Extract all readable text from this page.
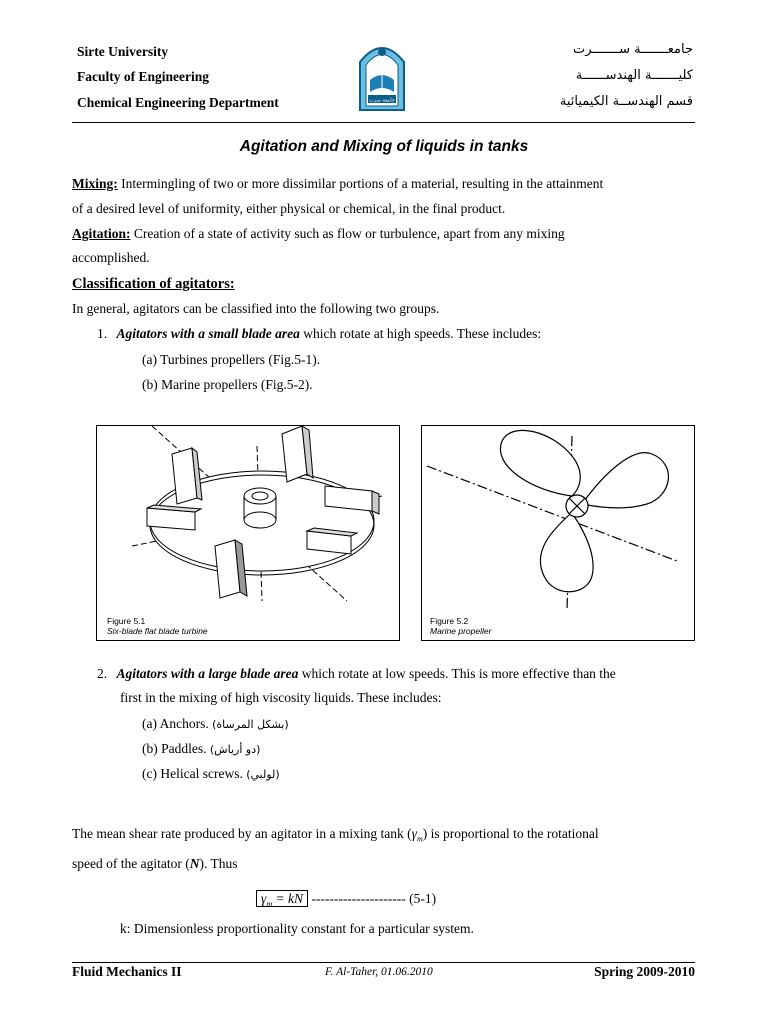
Sirte University
Faculty of Engineering
Chemical Engineering Department
جامعـــــــة ســـــــرت
كليـــــــة الهندســــــة
قسم الهندســة الكيميائية
جامعة سرت
Agitation and Mixing of liquids in tanks
Mixing: Intermingling of two or more dissimilar portions of a material, resulting in the attainment
of a desired level of uniformity, either physical or chemical, in the final product.
Agitation: Creation of a state of activity such as flow or turbulence, apart from any mixing
accomplished.
Classification of agitators:
In general, agitators can be classified into the following two groups.
1. Agitators with a small blade area which rotate at high speeds. These includes:
(a) Turbines propellers (Fig.5-1).
(b) Marine propellers (Fig.5-2).
Figure 5.1
Six-blade flat blade turbine
Figure 5.2
Marine propeller
2. Agitators with a large blade area which rotate at low speeds. This is more effective than the
first in the mixing of high viscosity liquids. These includes:
(a) Anchors. (بشكل المرساة)
(b) Paddles. (دو أرياش)
(c) Helical screws. (لولبي)
The mean shear rate produced by an agitator in a mixing tank $(\gamma_m)$ is proportional to the rotational
speed of the agitator (N). Thus
$\gamma_m$ = kN --------------------- (5-1)
k: Dimensionless proportionality constant for a particular system.
Fluid Mechanics II	F. Al-Taher, 01.06.2010	Spring 2009-2010
